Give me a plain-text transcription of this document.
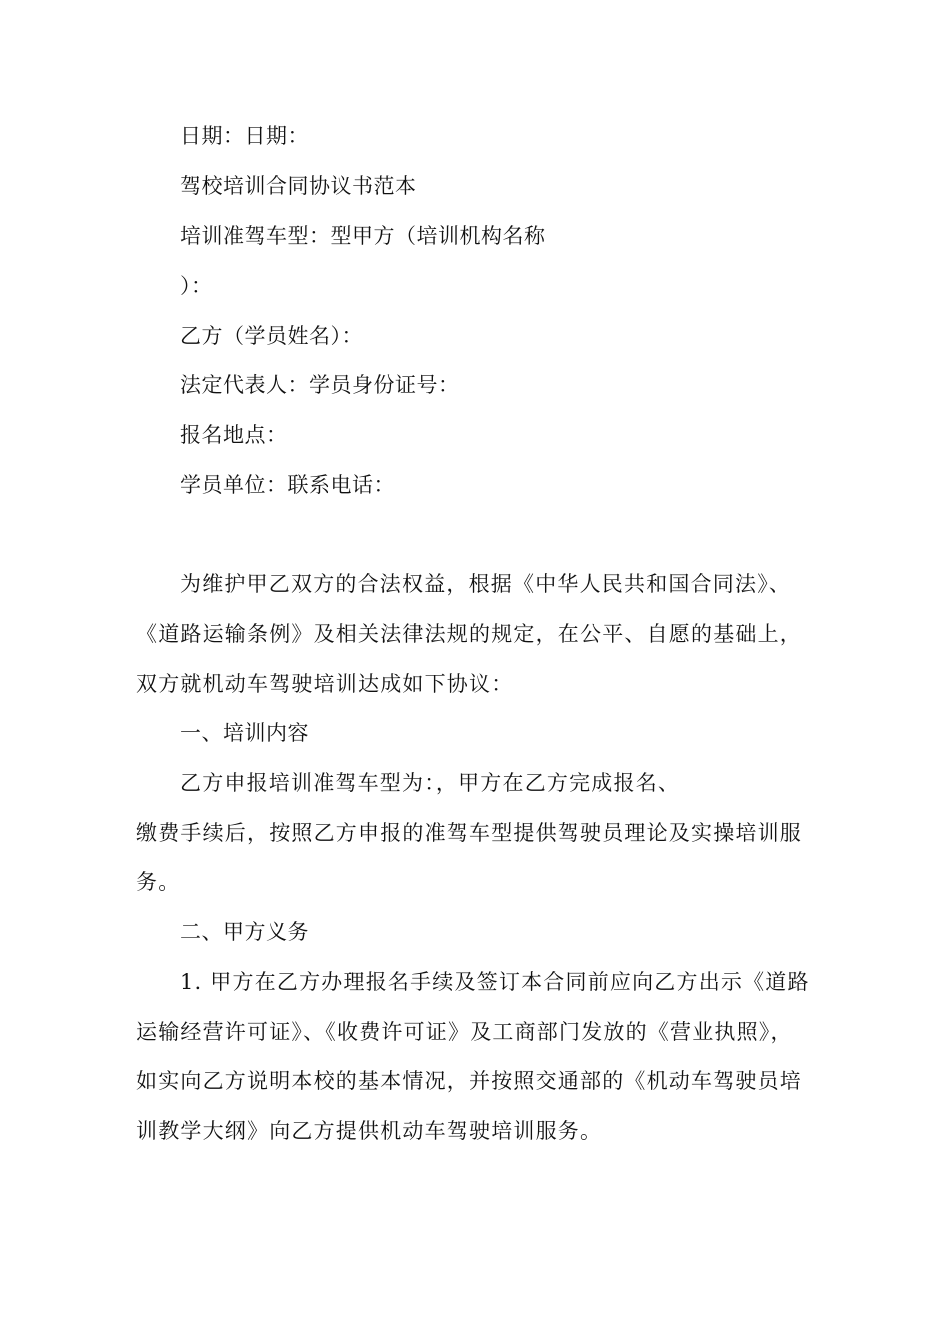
日期：日期：
驾校培训合同协议书范本
培训准驾车型：型甲方（培训机构名称
）：
乙方（学员姓名）：
法定代表人：学员身份证号：
报名地点：
学员单位：联系电话：
为维护甲乙双方的合法权益，根据《中华人民共和国合同法》、
《道路运输条例》及相关法律法规的规定，在公平、自愿的基础上，
双方就机动车驾驶培训达成如下协议：
一、培训内容
乙方申报培训准驾车型为：，甲方在乙方完成报名、
缴费手续后，按照乙方申报的准驾车型提供驾驶员理论及实操培训服
务。
二、甲方义务
1. 甲方在乙方办理报名手续及签订本合同前应向乙方出示《道路
运输经营许可证》、《收费许可证》及工商部门发放的《营业执照》，
如实向乙方说明本校的基本情况，并按照交通部的《机动车驾驶员培
训教学大纲》向乙方提供机动车驾驶培训服务。
